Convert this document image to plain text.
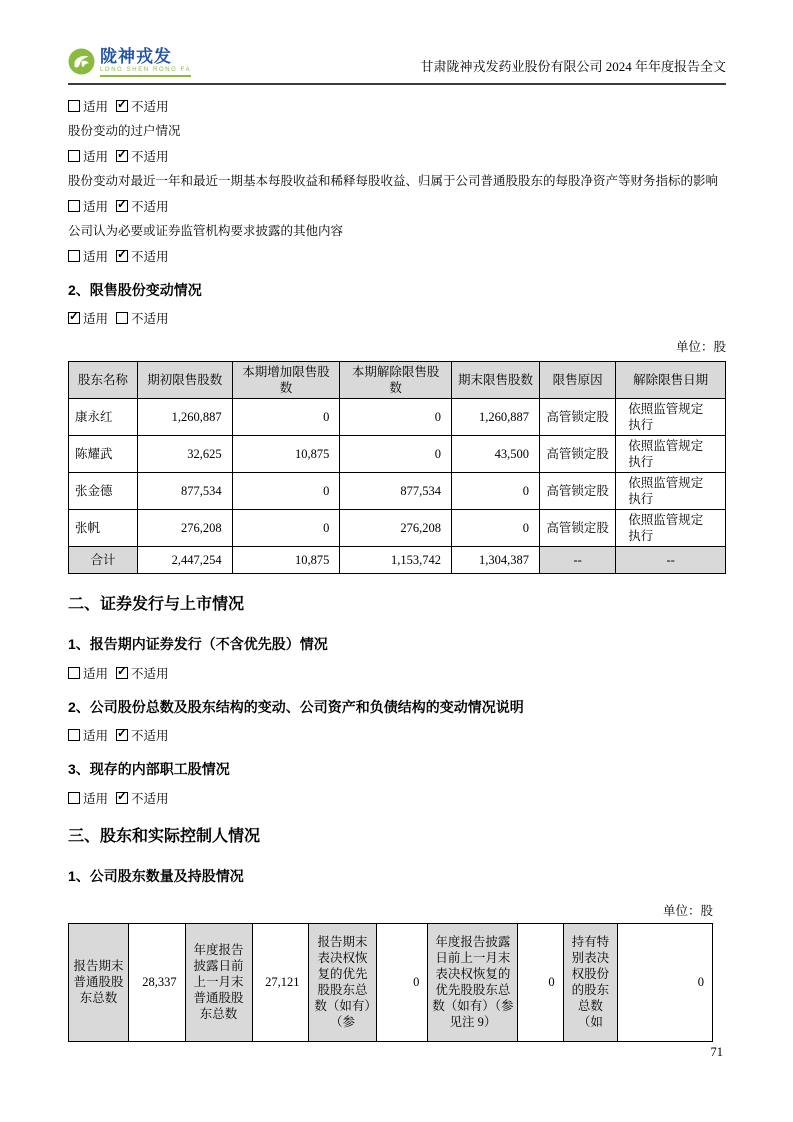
陇神戎发
LONG SHEN RONG FA	甘肃陇神戎发药业股份有限公司 2024 年年度报告全文

适用 ✓ 不适用

股份变动的过户情况

适用 ✓ 不适用

股份变动对最近一年和最近一期基本每股收益和稀释每股收益、归属于公司普通股股东的每股净资产等财务指标的影响

适用 ✓ 不适用

公司认为必要或证券监管机构要求披露的其他内容

适用 ✓ 不适用

2、限售股份变动情况

✓适用 不适用

单位：股

股东名称	期初限售股数	本期增加限售股数	本期解除限售股数	期末限售股数	限售原因	解除限售日期
康永红	1,260,887	0	0	1,260,887	高管锁定股	依照监管规定执行
陈耀武	32,625	10,875	0	43,500	高管锁定股	依照监管规定执行
张金德	877,534	0	877,534	0	高管锁定股	依照监管规定执行
张帆	276,208	0	276,208	0	高管锁定股	依照监管规定执行
合计	2,447,254	10,875	1,153,742	1,304,387	--	--
二、证券发行与上市情况
1、报告期内证券发行（不含优先股）情况

适用 ✓ 不适用

2、公司股份总数及股东结构的变动、公司资产和负债结构的变动情况说明

适用 ✓ 不适用

3、现存的内部职工股情况

适用 ✓ 不适用

三、股东和实际控制人情况
1、公司股东数量及持股情况

单位：股

报告期末普通股股东总数
	28,337	
年度报告披露日前上一月末普通股股东总数
	27,121	
报告期末表决权恢复的优先股股东总数（如有）（参
	0	
年度报告披露日前上一月末表决权恢复的优先股股东总数（如有）（参见注 9）
	0	
持有特别表决权股份的股东总数（如
	0
71
